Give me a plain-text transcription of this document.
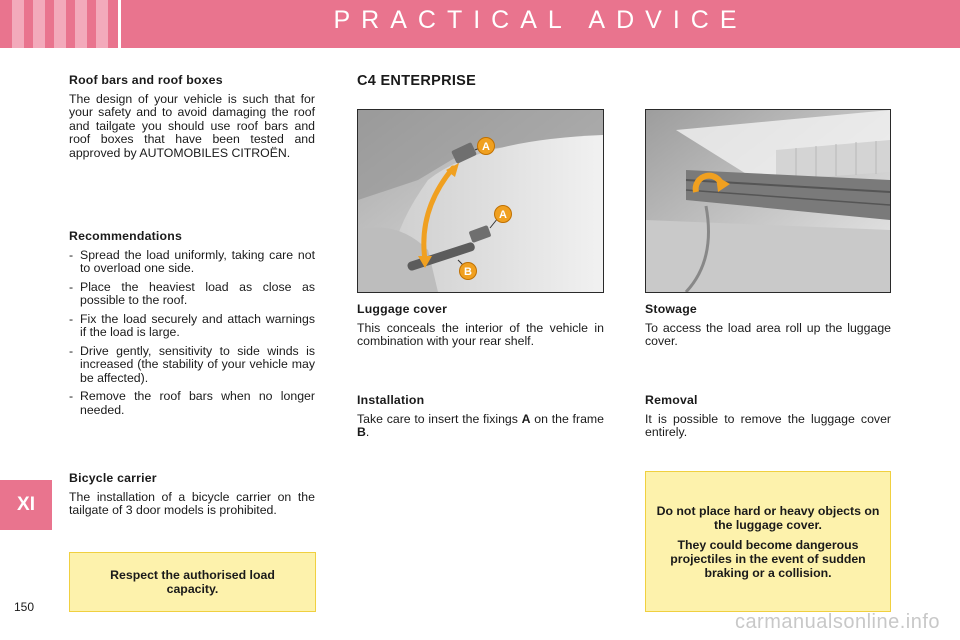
PRACTICAL ADVICE
XI
150
Roof bars and roof boxes

The design of your vehicle is such that for your safety and to avoid damaging the roof and tailgate you should use roof bars and roof boxes that have been tested and approved by AUTOMOBILES CITROËN.

Recommendations
- Spread the load uniformly, taking care not to overload one side.
- Place the heaviest load as close as possible to the roof.
- Fix the load securely and attach warnings if the load is large.
- Drive gently, sensitivity to side winds is increased (the stability of your vehicle may be affected).
- Remove the roof bars when no longer needed.
Bicycle carrier

The installation of a bicycle carrier on the tailgate of 3 door models is prohibited.

Respect the authorised load capacity.

C4 ENTERPRISE
A
A
B
Luggage cover

This conceals the interior of the vehicle in combination with your rear shelf.

Installation

Take care to insert the fixings A on the frame B.

Stowage

To access the load area roll up the luggage cover.

Removal

It is possible to remove the luggage cover entirely.

Do not place hard or heavy objects on the luggage cover.

They could become dangerous projectiles in the event of sudden braking or a collision.

carmanualsonline.info
